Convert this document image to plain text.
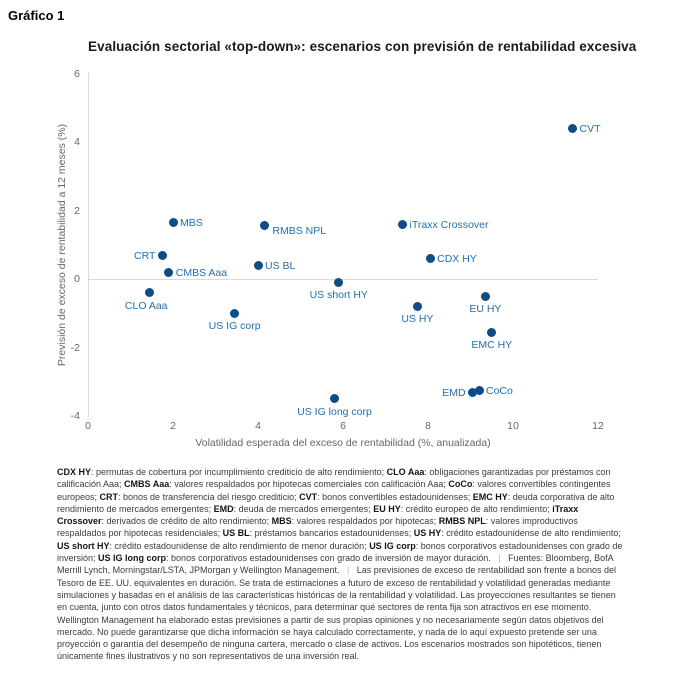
Gráfico 1
Evaluación sectorial «top-down»: escenarios con previsión de rentabilidad excesiva
6
4
2
0
-2
-4
0	2	4	6	8	10	12
CVT
MBS
RMBS NPL	iTraxx Crossover
CRT
CMBS Aaa
US BL
CDX HY
US short HY
CLO Aaa
US IG corp
US HY
EU HY
EMC HY
EMD CoCo
US IG long corp
Previsión de exceso de rentabilidad a 12 meses (%)
Volatilidad esperada del exceso de rentabilidad (%, anualizada)
CDX HY: permutas de cobertura por incumplimiento crediticio de alto rendimiento; CLO Aaa: obligaciones garantizadas por préstamos con calificación Aaa; CMBS Aaa: valores respaldados por hipotecas comerciales con calificación Aaa; CoCo: valores convertibles contingentes europeos; CRT: bonos de transferencia del riesgo crediticio; CVT: bonos convertibles estadounidenses; EMC HY: deuda corporativa de alto rendimiento de mercados emergentes; EMD: deuda de mercados emergentes; EU HY: crédito europeo de alto rendimiento; iTraxx Crossover: derivados de crédito de alto rendimiento; MBS: valores respaldados por hipotecas; RMBS NPL: valores improductivos respaldados por hipotecas residenciales; US BL: préstamos bancarios estadounidenses; US HY: crédito estadounidense de alto rendimiento; US short HY: crédito estadounidense de alto rendimiento de menor duración; US IG corp: bonos corporativos estadounidenses con grado de inversión; US IG long corp: bonos corporativos estadounidenses con grado de inversión de mayor duración. | Fuentes: Bloomberg, BofA Merrill Lynch, Morningstar/LSTA, JPMorgan y Wellington Management. | Las previsiones de exceso de rentabilidad son frente a bonos del Tesoro de EE. UU. equivalentes en duración. Se trata de estimaciones a futuro de exceso de rentabilidad y volatilidad generadas mediante simulaciones y basadas en el análisis de las características históricas de la rentabilidad y volatilidad. Las proyecciones resultantes se tienen en cuenta, junto con otros datos fundamentales y técnicos, para determinar qué sectores de renta fija son atractivos en ese momento. Wellington Management ha elaborado estas previsiones a partir de sus propias opiniones y no necesariamente según datos objetivos del mercado. No puede garantizarse que dicha información se haya calculado correctamente, y nada de lo aquí expuesto pretende ser una proyección o garantía del desempeño de ninguna cartera, mercado o clase de activos. Los escenarios mostrados son hipotéticos, tienen únicamente fines ilustrativos y no son representativos de una inversión real.
